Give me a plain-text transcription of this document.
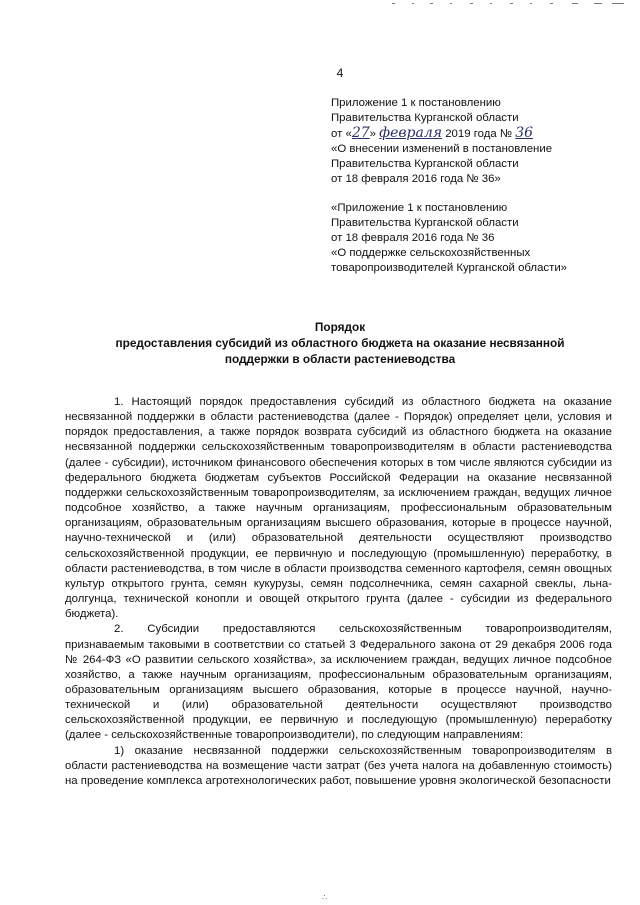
4
Приложение 1 к постановлению
Правительства Курганской области
от «27» февраля 2019 года № 36
«О внесении изменений в постановление
Правительства Курганской области
от 18 февраля 2016 года № 36»
«Приложение 1 к постановлению
Правительства Курганской области
от 18 февраля 2016 года № 36
«О поддержке сельскохозяйственных
товаропроизводителей Курганской области»
Порядок
предоставления субсидий из областного бюджета на оказание несвязанной
поддержки в области растениеводства

1. Настоящий порядок предоставления субсидий из областного бюджета на оказание несвязанной поддержки в области растениеводства (далее - Порядок) определяет цели, условия и порядок предоставления, а также порядок возврата субсидий из областного бюджета на оказание несвязанной поддержки сельскохозяйственным товаропроизводителям в области растениеводства (далее - субсидии), источником финансового обеспечения которых в том числе являются субсидии из федерального бюджета бюджетам субъектов Российской Федерации на оказание несвязанной поддержки сельскохозяйственным товаропроизводителям, за исключением граждан, ведущих личное подсобное хозяйство, а также научным организациям, профессиональным образовательным организациям, образовательным организациям высшего образования, которые в процессе научной, научно-технической и (или) образовательной деятельности осуществляют производство сельскохозяйственной продукции, ее первичную и последующую (промышленную) переработку, в области растениеводства, в том числе в области производства семенного картофеля, семян овощных культур открытого грунта, семян кукурузы, семян подсолнечника, семян сахарной свеклы, льна-долгунца, технической конопли и овощей открытого грунта (далее - субсидии из федерального бюджета).

2. Субсидии предоставляются сельскохозяйственным товаропроизводителям, признаваемым таковыми в соответствии со статьей 3 Федерального закона от 29 декабря 2006 года № 264-ФЗ «О развитии сельского хозяйства», за исключением граждан, ведущих личное подсобное хозяйство, а также научным организациям, профессиональным образовательным организациям, образовательным организациям высшего образования, которые в процессе научной, научно-технической и (или) образовательной деятельности осуществляют производство сельскохозяйственной продукции, ее первичную и последующую (промышленную) переработку (далее - сельскохозяйственные товаропроизводители), по следующим направлениям:

1) оказание несвязанной поддержки сельскохозяйственным товаропроизводителям в области растениеводства на возмещение части затрат (без учета налога на добавленную стоимость) на проведение комплекса агротехнологических работ, повышение уровня экологической безопасности

∴
